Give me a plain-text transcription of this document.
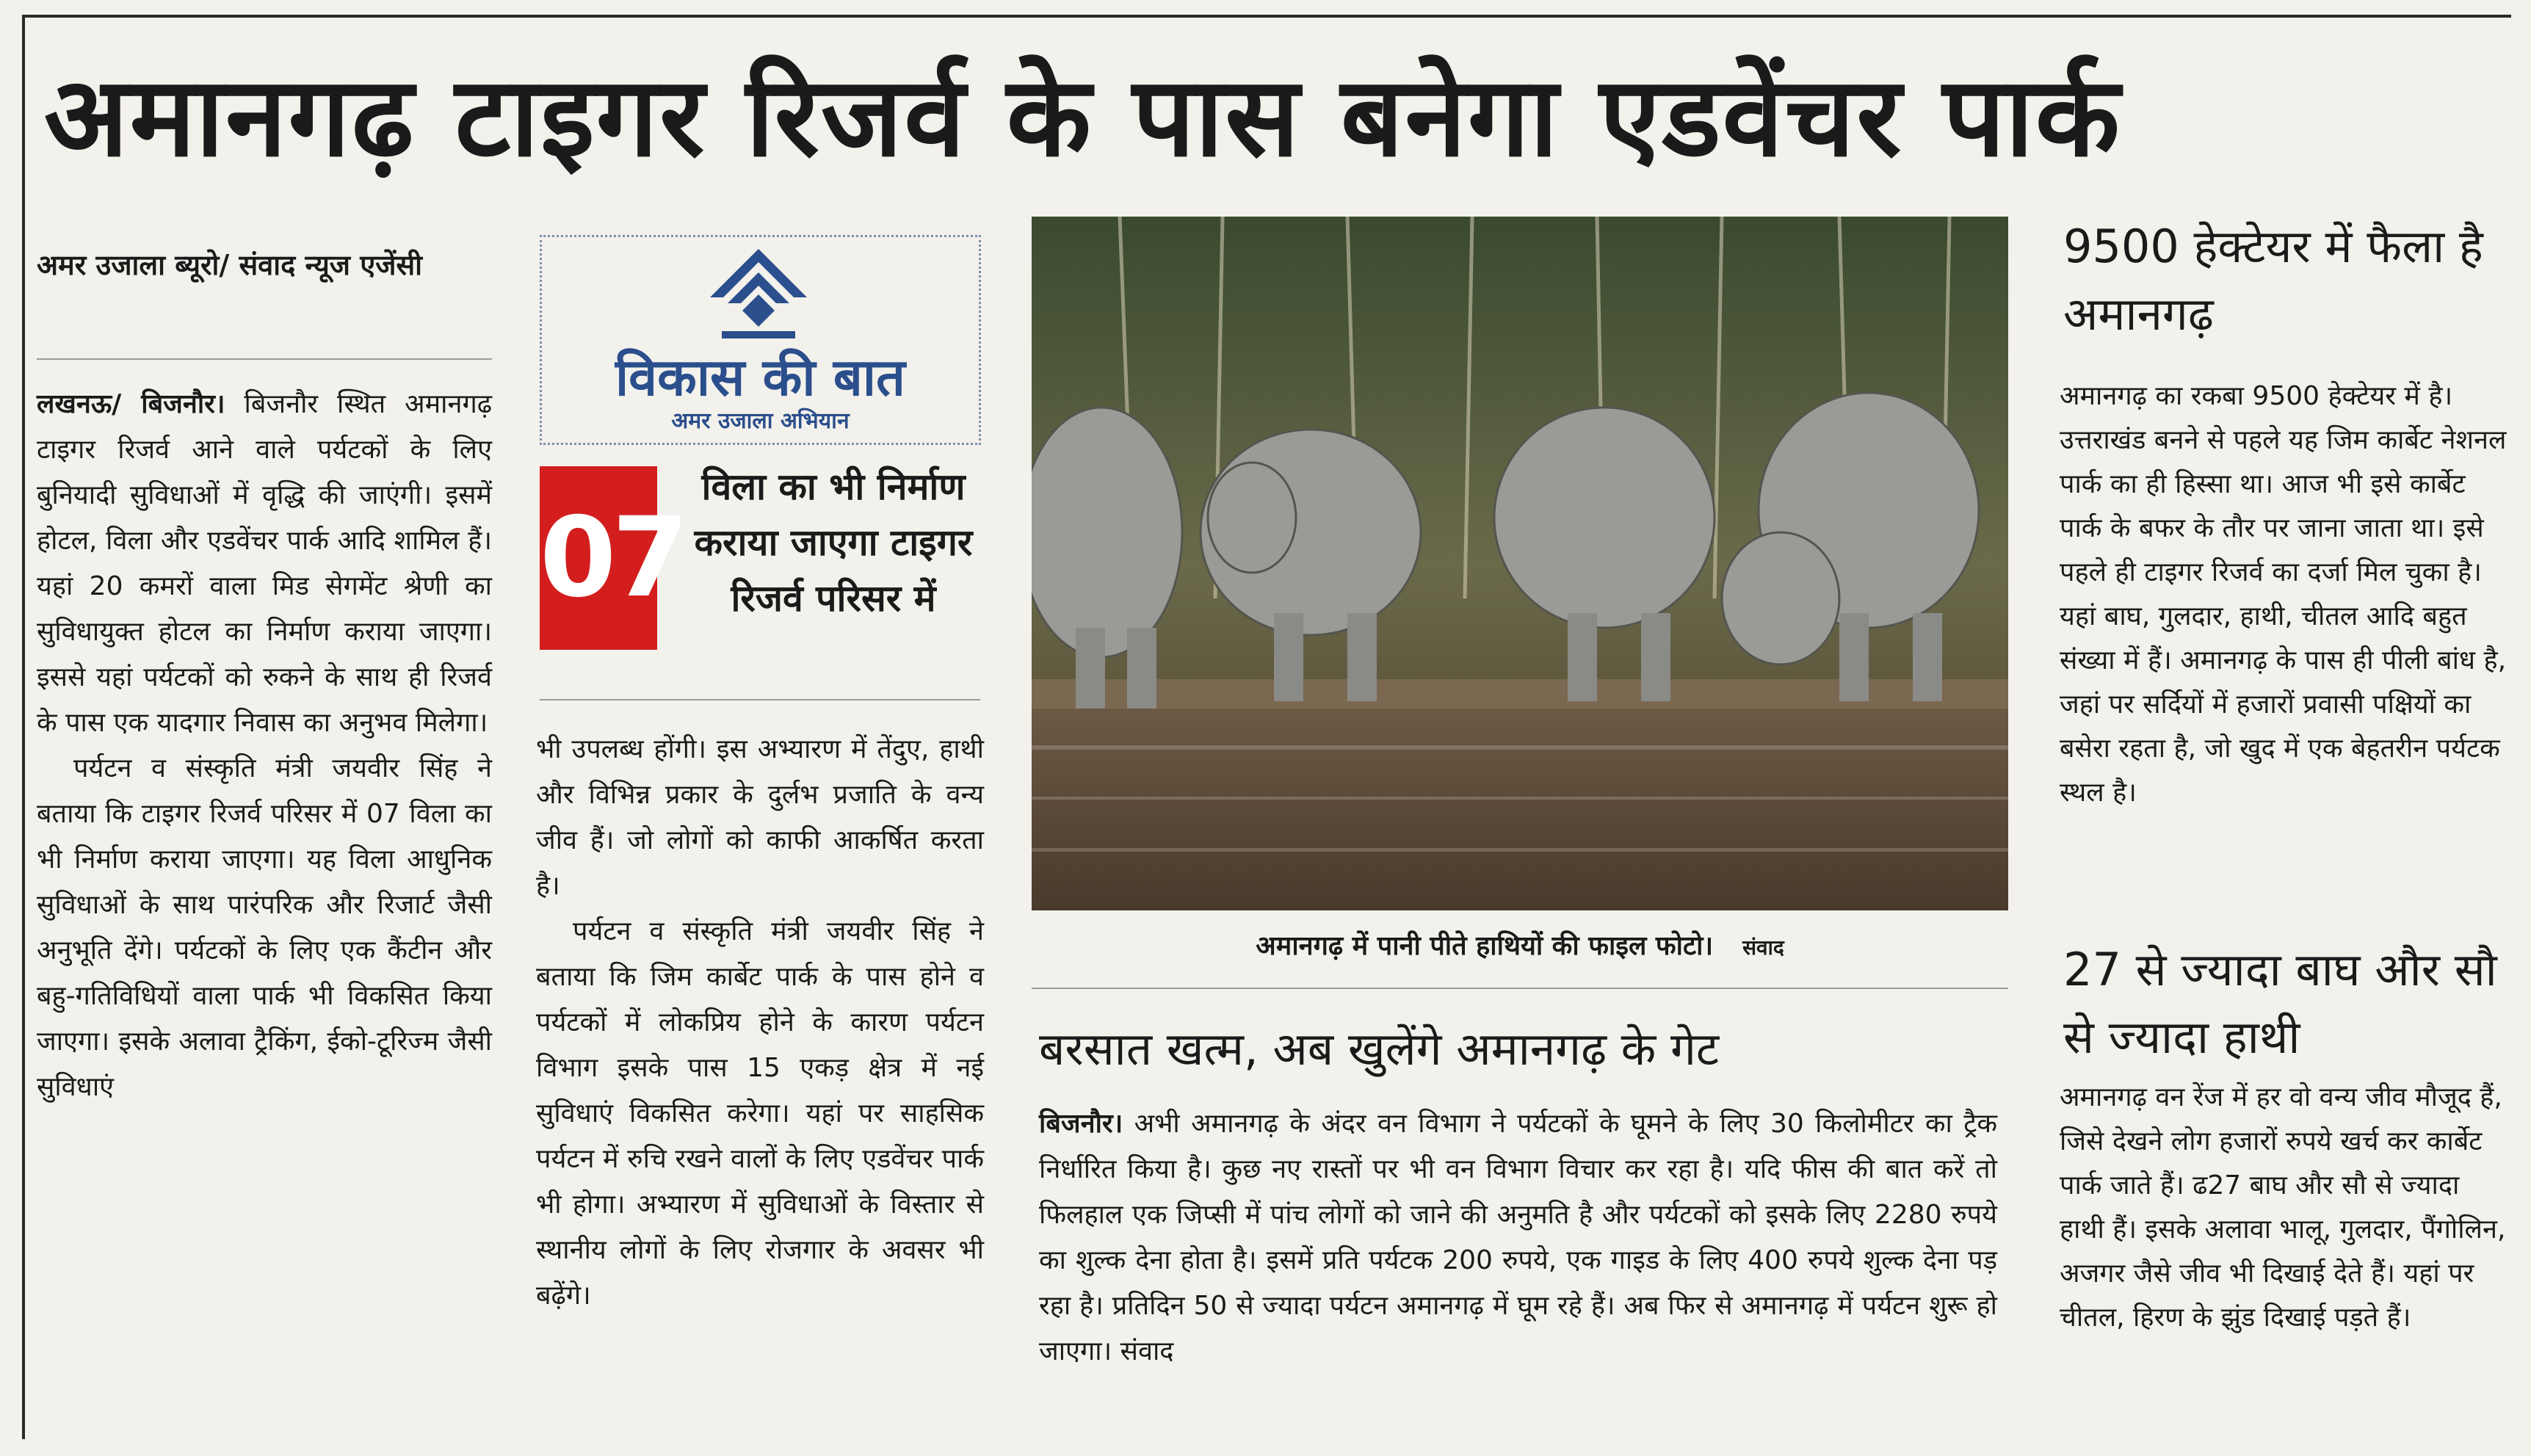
अमानगढ़ टाइगर रिजर्व के पास बनेगा एडवेंचर पार्क
अमर उजाला ब्यूरो/ संवाद न्यूज एजेंसी

लखनऊ/ बिजनौर। बिजनौर स्थित अमानगढ़ टाइगर रिजर्व आने वाले पर्यटकों के लिए बुनियादी सुविधाओं में वृद्धि की जाएंगी। इसमें होटल, विला और एडवेंचर पार्क आदि शामिल हैं। यहां 20 कमरों वाला मिड सेगमेंट श्रेणी का सुविधायुक्त होटल का निर्माण कराया जाएगा। इससे यहां पर्यटकों को रुकने के साथ ही रिजर्व के पास एक यादगार निवास का अनुभव मिलेगा।

पर्यटन व संस्कृति मंत्री जयवीर सिंह ने बताया कि टाइगर रिजर्व परिसर में 07 विला का भी निर्माण कराया जाएगा। यह विला आधुनिक सुविधाओं के साथ पारंपरिक और रिजार्ट जैसी अनुभूति देंगे। पर्यटकों के लिए एक कैंटीन और बहु-गतिविधियों वाला पार्क भी विकसित किया जाएगा। इसके अलावा ट्रैकिंग, ईको-टूरिज्म जैसी सुविधाएं

विकास की बात
अमर उजाला अभियान
07
विला का भी निर्माण कराया जाएगा टाइगर रिजर्व परिसर में

भी उपलब्ध होंगी। इस अभ्यारण में तेंदुए, हाथी और विभिन्न प्रकार के दुर्लभ प्रजाति के वन्य जीव हैं। जो लोगों को काफी आकर्षित करता है।

पर्यटन व संस्कृति मंत्री जयवीर सिंह ने बताया कि जिम कार्बेट पार्क के पास होने व पर्यटकों में लोकप्रिय होने के कारण पर्यटन विभाग इसके पास 15 एकड़ क्षेत्र में नई सुविधाएं विकसित करेगा। यहां पर साहसिक पर्यटन में रुचि रखने वालों के लिए एडवेंचर पार्क भी होगा। अभ्यारण में सुविधाओं के विस्तार से स्थानीय लोगों के लिए रोजगार के अवसर भी बढ़ेंगे।

अमानगढ़ में पानी पीते हाथियों की फाइल फोटो। संवाद
बरसात खत्म, अब खुलेंगे अमानगढ़ के गेट

बिजनौर। अभी अमानगढ़ के अंदर वन विभाग ने पर्यटकों के घूमने के लिए 30 किलोमीटर का ट्रैक निर्धारित किया है। कुछ नए रास्तों पर भी वन विभाग विचार कर रहा है। यदि फीस की बात करें तो फिलहाल एक जिप्सी में पांच लोगों को जाने की अनुमति है और पर्यटकों को इसके लिए 2280 रुपये का शुल्क देना होता है। इसमें प्रति पर्यटक 200 रुपये, एक गाइड के लिए 400 रुपये शुल्क देना पड़ रहा है। प्रतिदिन 50 से ज्यादा पर्यटन अमानगढ़ में घूम रहे हैं। अब फिर से अमानगढ़ में पर्यटन शुरू हो जाएगा। संवाद

9500 हेक्टेयर में फैला है अमानगढ़
अमानगढ़ का रकबा 9500 हेक्टेयर में है। उत्तराखंड बनने से पहले यह जिम कार्बेट नेशनल पार्क का ही हिस्सा था। आज भी इसे कार्बेट पार्क के बफर के तौर पर जाना जाता था। इसे पहले ही टाइगर रिजर्व का दर्जा मिल चुका है। यहां बाघ, गुलदार, हाथी, चीतल आदि बहुत संख्या में हैं। अमानगढ़ के पास ही पीली बांध है, जहां पर सर्दियों में हजारों प्रवासी पक्षियों का बसेरा रहता है, जो खुद में एक बेहतरीन पर्यटक स्थल है।
27 से ज्यादा बाघ और सौ से ज्यादा हाथी
अमानगढ़ वन रेंज में हर वो वन्य जीव मौजूद हैं, जिसे देखने लोग हजारों रुपये खर्च कर कार्बेट पार्क जाते हैं। ढ27 बाघ और सौ से ज्यादा हाथी हैं। इसके अलावा भालू, गुलदार, पैंगोलिन, अजगर जैसे जीव भी दिखाई देते हैं। यहां पर चीतल, हिरण के झुंड दिखाई पड़ते हैं।
